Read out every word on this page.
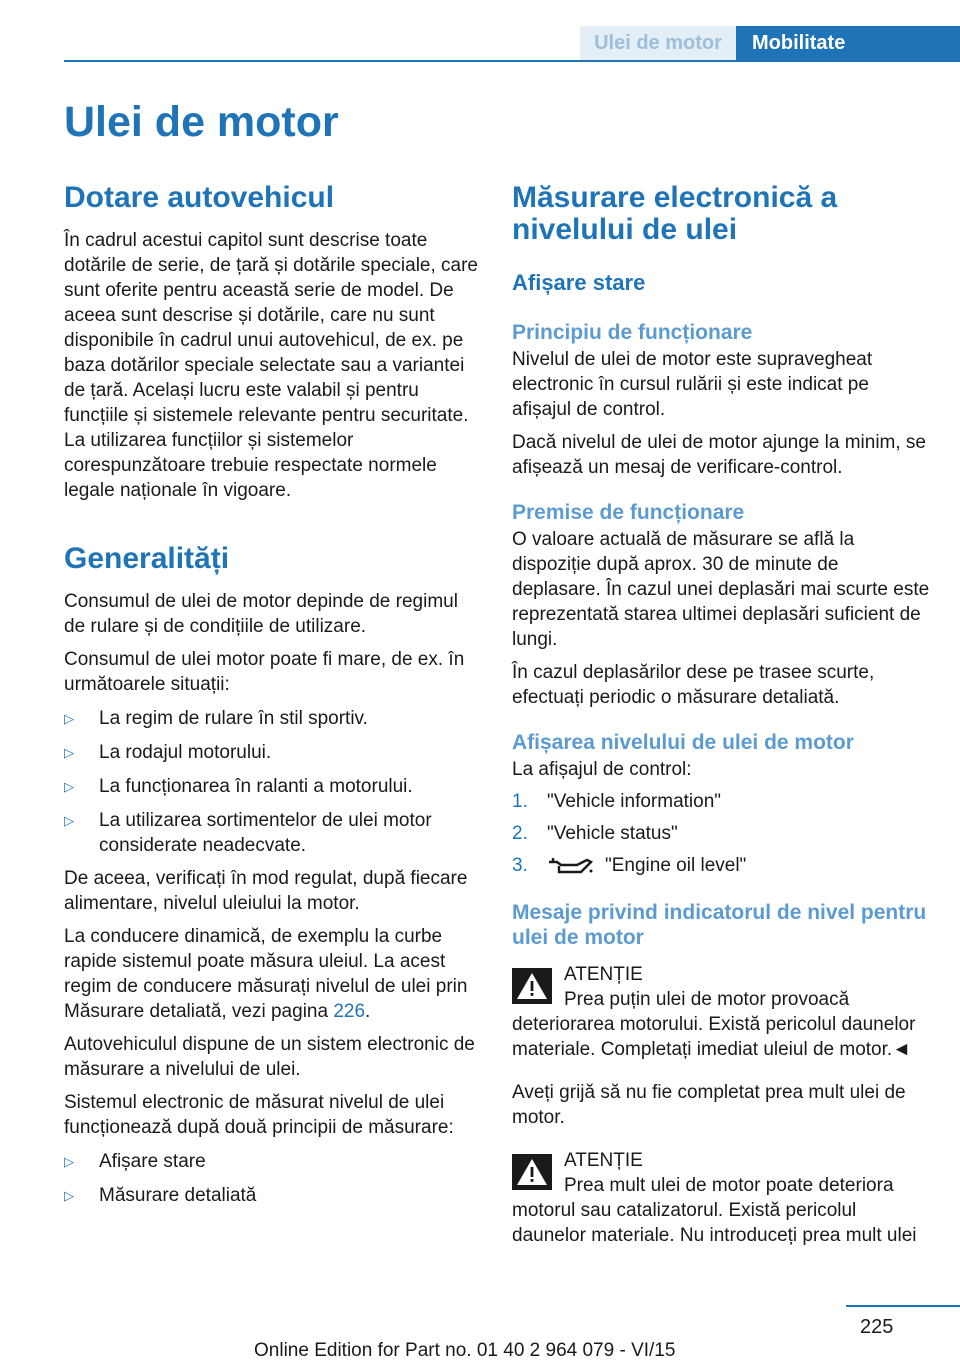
Ulei de motor	Mobilitate
Ulei de motor
Dotare autovehicul

În cadrul acestui capitol sunt descrise toate dotările de serie, de țară și dotările speciale, care sunt oferite pentru această serie de model. De aceea sunt descrise și dotările, care nu sunt disponibile în cadrul unui autovehicul, de ex. pe baza dotărilor speciale selectate sau a variantei de țară. Același lucru este valabil și pentru funcțiile și sistemele relevante pentru securitate. La utilizarea funcțiilor și sistemelor corespunzătoare trebuie respectate normele legale naționale în vigoare.

Generalități

Consumul de ulei de motor depinde de regimul de rulare și de condițiile de utilizare.

Consumul de ulei motor poate fi mare, de ex. în următoarele situații:

▷ La regim de rulare în stil sportiv.
▷ La rodajul motorului.
▷ La funcționarea în ralanti a motorului.
▷ La utilizarea sortimentelor de ulei motor considerate neadecvate.

De aceea, verificați în mod regulat, după fiecare alimentare, nivelul uleiului la motor.

La conducere dinamică, de exemplu la curbe rapide sistemul poate măsura uleiul. La acest regim de conducere măsurați nivelul de ulei prin Măsurare detaliată, vezi pagina 226.

Autovehiculul dispune de un sistem electronic de măsurare a nivelului de ulei.

Sistemul electronic de măsurat nivelul de ulei funcționează după două principii de măsurare:

▷ Afișare stare
▷ Măsurare detaliată
Măsurare electronică a nivelului de ulei
Afișare stare
Principiu de funcționare

Nivelul de ulei de motor este supravegheat electronic în cursul rulării și este indicat pe afișajul de control.

Dacă nivelul de ulei de motor ajunge la minim, se afișează un mesaj de verificare-control.

Premise de funcționare

O valoare actuală de măsurare se află la dispoziție după aprox. 30 de minute de deplasare. În cazul unei deplasări mai scurte este reprezentată starea ultimei deplasări suficient de lungi.

În cazul deplasărilor dese pe trasee scurte, efectuați periodic o măsurare detaliată.

Afișarea nivelului de ulei de motor

La afișajul de control:

1. "Vehicle information"
2. "Vehicle status"
3.	"Engine oil level"
Mesaje privind indicatorul de nivel pentru ulei de motor
ATENȚIE

Prea puțin ulei de motor provoacă deteriorarea motorului. Există pericolul daunelor materiale. Completați imediat uleiul de motor.◄

Aveți grijă să nu fie completat prea mult ulei de motor.

ATENȚIE

Prea mult ulei de motor poate deteriora motorul sau catalizatorul. Există pericolul daunelor materiale. Nu introduceți prea mult ulei

225
Online Edition for Part no. 01 40 2 964 079 - VI/15
